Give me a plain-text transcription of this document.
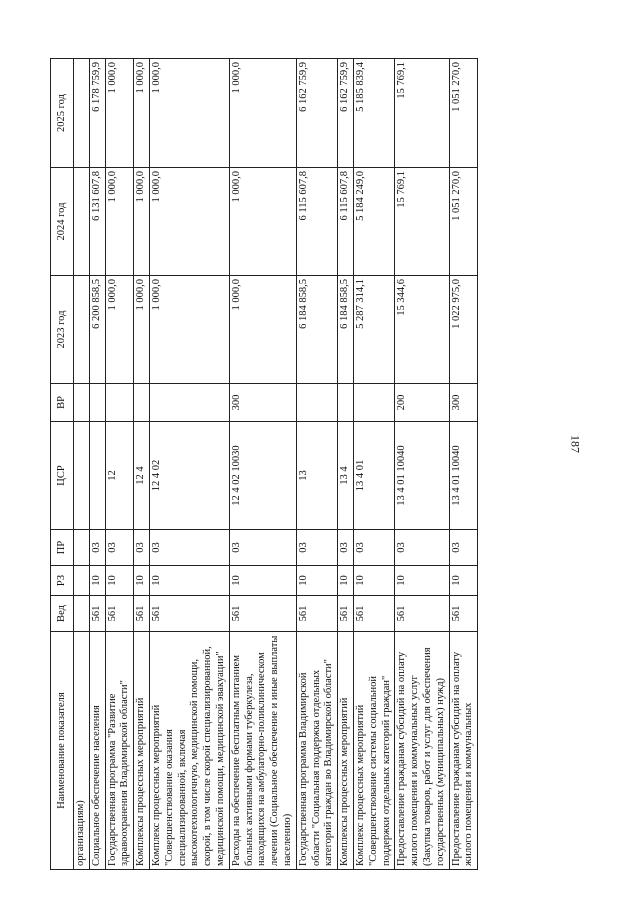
187
Наименование показателя	Вед	РЗ	ПР	ЦСР	ВР	2023 год	2024 год	2025 год
организациям)								
Социальное обеспечение населения	561	10	03			6 200 858,5	6 131 607,8	6 178 759,9
Государственная программа "Развитие здравоохранения Владимирской области"	561	10	03	12		1 000,0	1 000,0	1 000,0
Комплексы процессных мероприятий	561	10	03	12 4		1 000,0	1 000,0	1 000,0
Комплекс процессных мероприятий "Совершенствование оказания специализированной, включая высокотехнологичную, медицинской помощи, скорой, в том числе скорой специализированной, медицинской помощи, медицинской эвакуации"	561	10	03	12 4 02		1 000,0	1 000,0	1 000,0
Расходы на обеспечение бесплатным питанием больных активными формами туберкулеза, находящихся на амбулаторно-поликлиническом лечении (Социальное обеспечение и иные выплаты населению)	561	10	03	12 4 02 10030	300	1 000,0	1 000,0	1 000,0
Государственная программа Владимирской области "Социальная поддержка отдельных категорий граждан во Владимирской области"	561	10	03	13		6 184 858,5	6 115 607,8	6 162 759,9
Комплексы процессных мероприятий	561	10	03	13 4		6 184 858,5	6 115 607,8	6 162 759,9
Комплекс процессных мероприятий "Совершенствование системы социальной поддержки отдельных категорий граждан"	561	10	03	13 4 01		5 287 314,1	5 184 249,0	5 185 839,4
Предоставление гражданам субсидий на оплату жилого помещения и коммунальных услуг (Закупка товаров, работ и услуг для обеспечения государственных (муниципальных) нужд)	561	10	03	13 4 01 10040	200	15 344,6	15 769,1	15 769,1
Предоставление гражданам субсидий на оплату жилого помещения и коммунальных	561	10	03	13 4 01 10040	300	1 022 975,0	1 051 270,0	1 051 270,0
